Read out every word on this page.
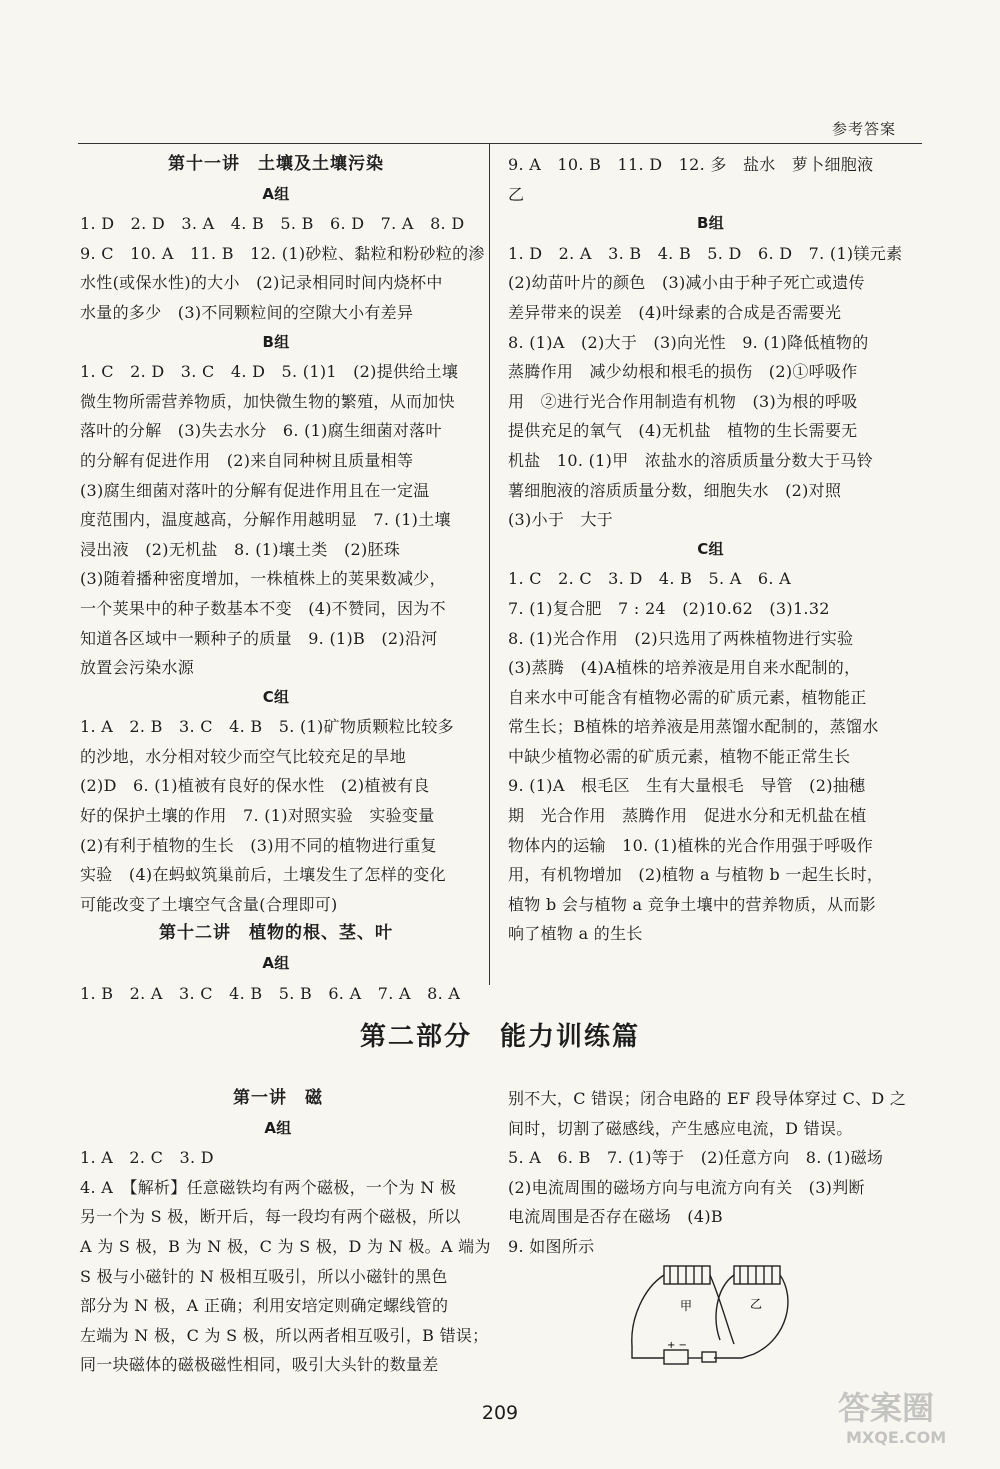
参考答案

第十一讲　土壤及土壤污染

A组

1. D　2. D　3. A　4. B　5. B　6. D　7. A　8. D

9. C　10. A　11. B　12. (1)砂粒、黏粒和粉砂粒的渗

水性(或保水性)的大小　(2)记录相同时间内烧杯中

水量的多少　(3)不同颗粒间的空隙大小有差异

B组

1. C　2. D　3. C　4. D　5. (1)1　(2)提供给土壤

微生物所需营养物质，加快微生物的繁殖，从而加快

落叶的分解　(3)失去水分　6. (1)腐生细菌对落叶

的分解有促进作用　(2)来自同种树且质量相等

(3)腐生细菌对落叶的分解有促进作用且在一定温

度范围内，温度越高，分解作用越明显　7. (1)土壤

浸出液　(2)无机盐　8. (1)壤土类　(2)胚珠

(3)随着播种密度增加，一株植株上的荚果数减少，

一个荚果中的种子数基本不变　(4)不赞同，因为不

知道各区域中一颗种子的质量　9. (1)B　(2)沿河

放置会污染水源

C组

1. A　2. B　3. C　4. B　5. (1)矿物质颗粒比较多

的沙地，水分相对较少而空气比较充足的旱地

(2)D　6. (1)植被有良好的保水性　(2)植被有良

好的保护土壤的作用　7. (1)对照实验　实验变量

(2)有利于植物的生长　(3)用不同的植物进行重复

实验　(4)在蚂蚁筑巢前后，土壤发生了怎样的变化

可能改变了土壤空气含量(合理即可)

第十二讲　植物的根、茎、叶

A组

1. B　2. A　3. C　4. B　5. B　6. A　7. A　8. A

9. A　10. B　11. D　12. 多　盐水　萝卜细胞液

乙

B组

1. D　2. A　3. B　4. B　5. D　6. D　7. (1)镁元素

(2)幼苗叶片的颜色　(3)减小由于种子死亡或遗传

差异带来的误差　(4)叶绿素的合成是否需要光

8. (1)A　(2)大于　(3)向光性　9. (1)降低植物的

蒸腾作用　减少幼根和根毛的损伤　(2)①呼吸作

用　②进行光合作用制造有机物　(3)为根的呼吸

提供充足的氧气　(4)无机盐　植物的生长需要无

机盐　10. (1)甲　浓盐水的溶质质量分数大于马铃

薯细胞液的溶质质量分数，细胞失水　(2)对照

(3)小于　大于

C组

1. C　2. C　3. D　4. B　5. A　6. A

7. (1)复合肥　7 : 24　(2)10.62　(3)1.32

8. (1)光合作用　(2)只选用了两株植物进行实验

(3)蒸腾　(4)A植株的培养液是用自来水配制的，

自来水中可能含有植物必需的矿质元素，植物能正

常生长；B植株的培养液是用蒸馏水配制的，蒸馏水

中缺少植物必需的矿质元素，植物不能正常生长

9. (1)A　根毛区　生有大量根毛　导管　(2)抽穗

期　光合作用　蒸腾作用　促进水分和无机盐在植

物体内的运输　10. (1)植株的光合作用强于呼吸作

用，有机物增加　(2)植物 a 与植物 b 一起生长时，

植物 b 会与植物 a 竞争土壤中的营养物质，从而影

响了植物 a 的生长

第二部分　能力训练篇

第一讲　磁

A组

1. A　2. C　3. D

4. A　【解析】任意磁铁均有两个磁极，一个为 N 极

另一个为 S 极，断开后，每一段均有两个磁极，所以

A 为 S 极，B 为 N 极，C 为 S 极，D 为 N 极。A 端为

S 极与小磁针的 N 极相互吸引，所以小磁针的黑色

部分为 N 极，A 正确；利用安培定则确定螺线管的

左端为 N 极，C 为 S 极，所以两者相互吸引，B 错误；

同一块磁体的磁极磁性相同，吸引大头针的数量差

别不大，C 错误；闭合电路的 EF 段导体穿过 C、D 之

间时，切割了磁感线，产生感应电流，D 错误。

5. A　6. B　7. (1)等于　(2)任意方向　8. (1)磁场

(2)电流周围的磁场方向与电流方向有关　(3)判断

电流周围是否存在磁场　(4)B

9. 如图所示

甲	乙
+ −
209	答案圈
MXQE.COM
